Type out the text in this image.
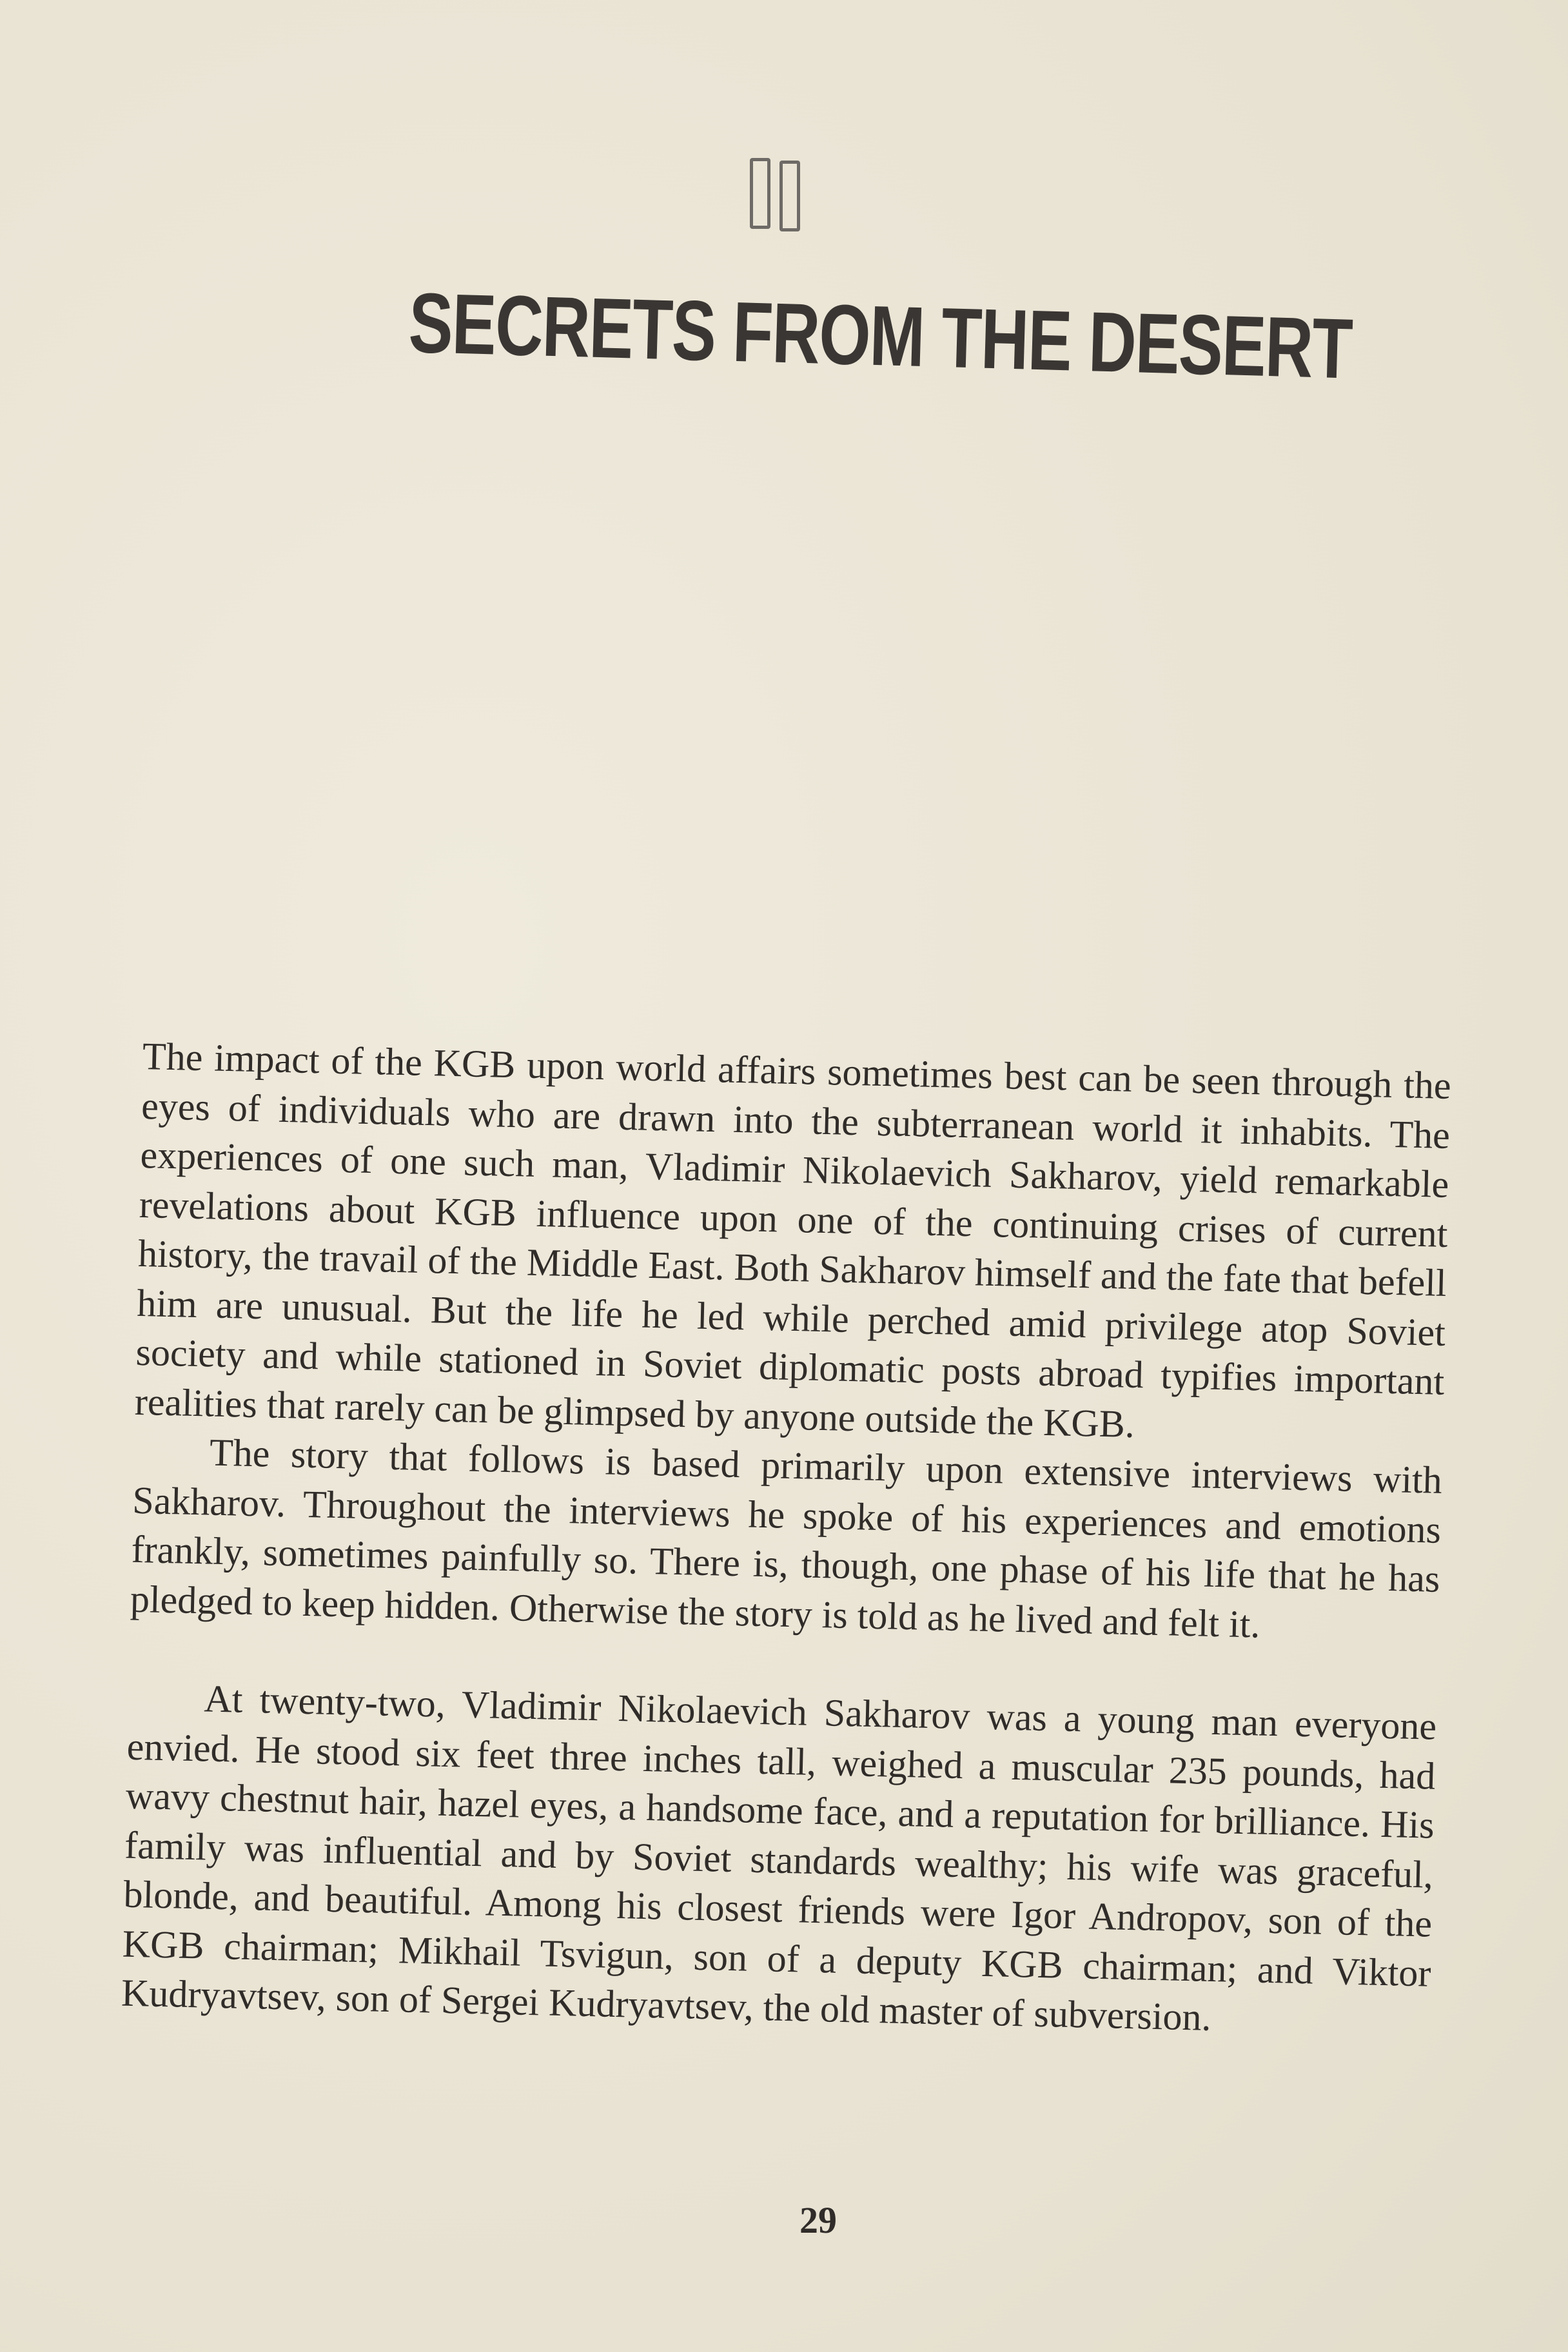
SECRETS FROM THE DESERT

The impact of the KGB upon world affairs sometimes best can be seen through the eyes of individuals who are drawn into the subterranean world it inhabits. The experiences of one such man, Vladimir Nikolaevich Sakharov, yield remarkable revelations about KGB influence upon one of the continuing crises of current history, the travail of the Middle East. Both Sakharov himself and the fate that befell him are unusual. But the life he led while perched amid privilege atop Soviet society and while stationed in Soviet diplomatic posts abroad typifies important realities that rarely can be glimpsed by anyone outside the KGB.

The story that follows is based primarily upon extensive interviews with Sakharov. Throughout the interviews he spoke of his experiences and emotions frankly, sometimes painfully so. There is, though, one phase of his life that he has pledged to keep hidden. Otherwise the story is told as he lived and felt it.

At twenty-two, Vladimir Nikolaevich Sakharov was a young man everyone envied. He stood six feet three inches tall, weighed a muscular 235 pounds, had wavy chestnut hair, hazel eyes, a handsome face, and a reputation for brilliance. His family was influential and by Soviet standards wealthy; his wife was graceful, blonde, and beautiful. Among his closest friends were Igor Andropov, son of the KGB chairman; Mikhail Tsvigun, son of a deputy KGB chairman; and Viktor Kudryavtsev, son of Sergei Kudryavtsev, the old master of subversion.

29
